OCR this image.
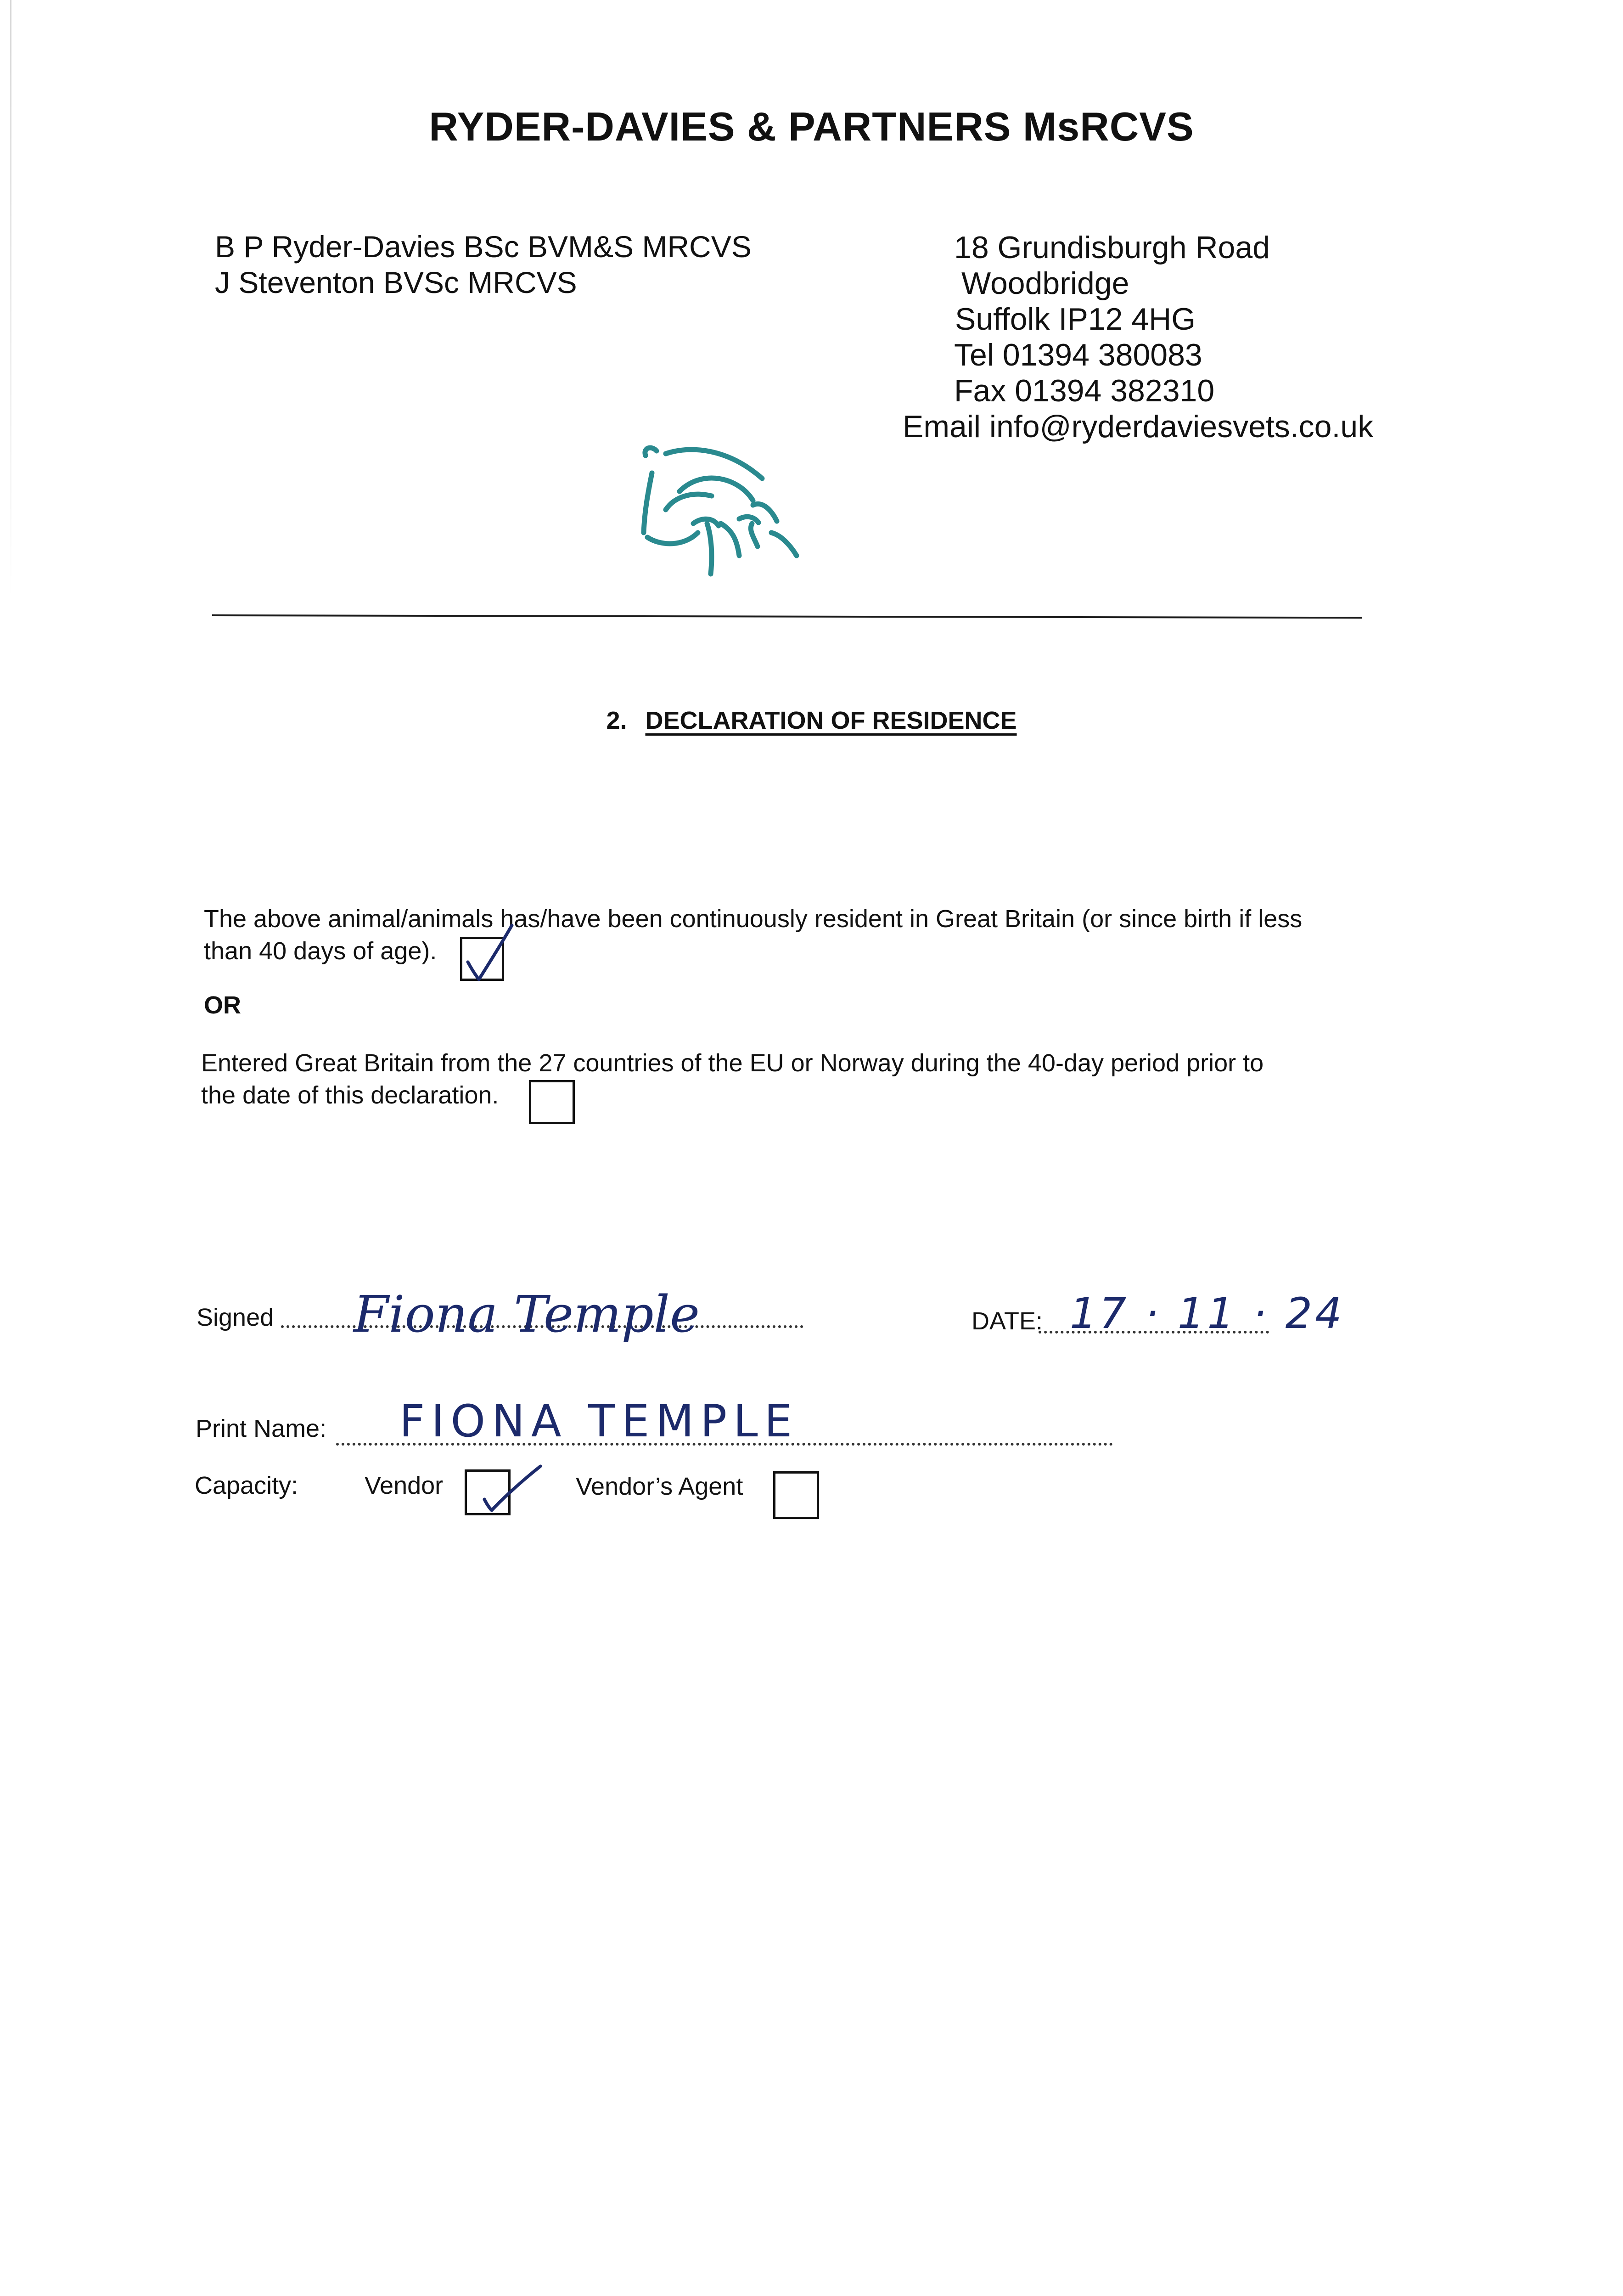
RYDER-DAVIES & PARTNERS MsRCVS
B P Ryder-Davies BSc BVM&S MRCVS
J Steventon BVSc MRCVS
18 Grundisburgh Road
Woodbridge
Suffolk IP12 4HG
Tel 01394 380083
Fax 01394 382310
Email info@ryderdaviesvets.co.uk
2. DECLARATION OF RESIDENCE
The above animal/animals has/have been continuously resident in Great Britain (or since birth if less
than 40 days of age).
OR
Entered Great Britain from the 27 countries of the EU or Norway during the 40-day period prior to
the date of this declaration.
Signed Fiona Temple	DATE: 17 · 11 · 24
Print Name: FIONA TEMPLE
Capacity:	Vendor	Vendor’s Agent
